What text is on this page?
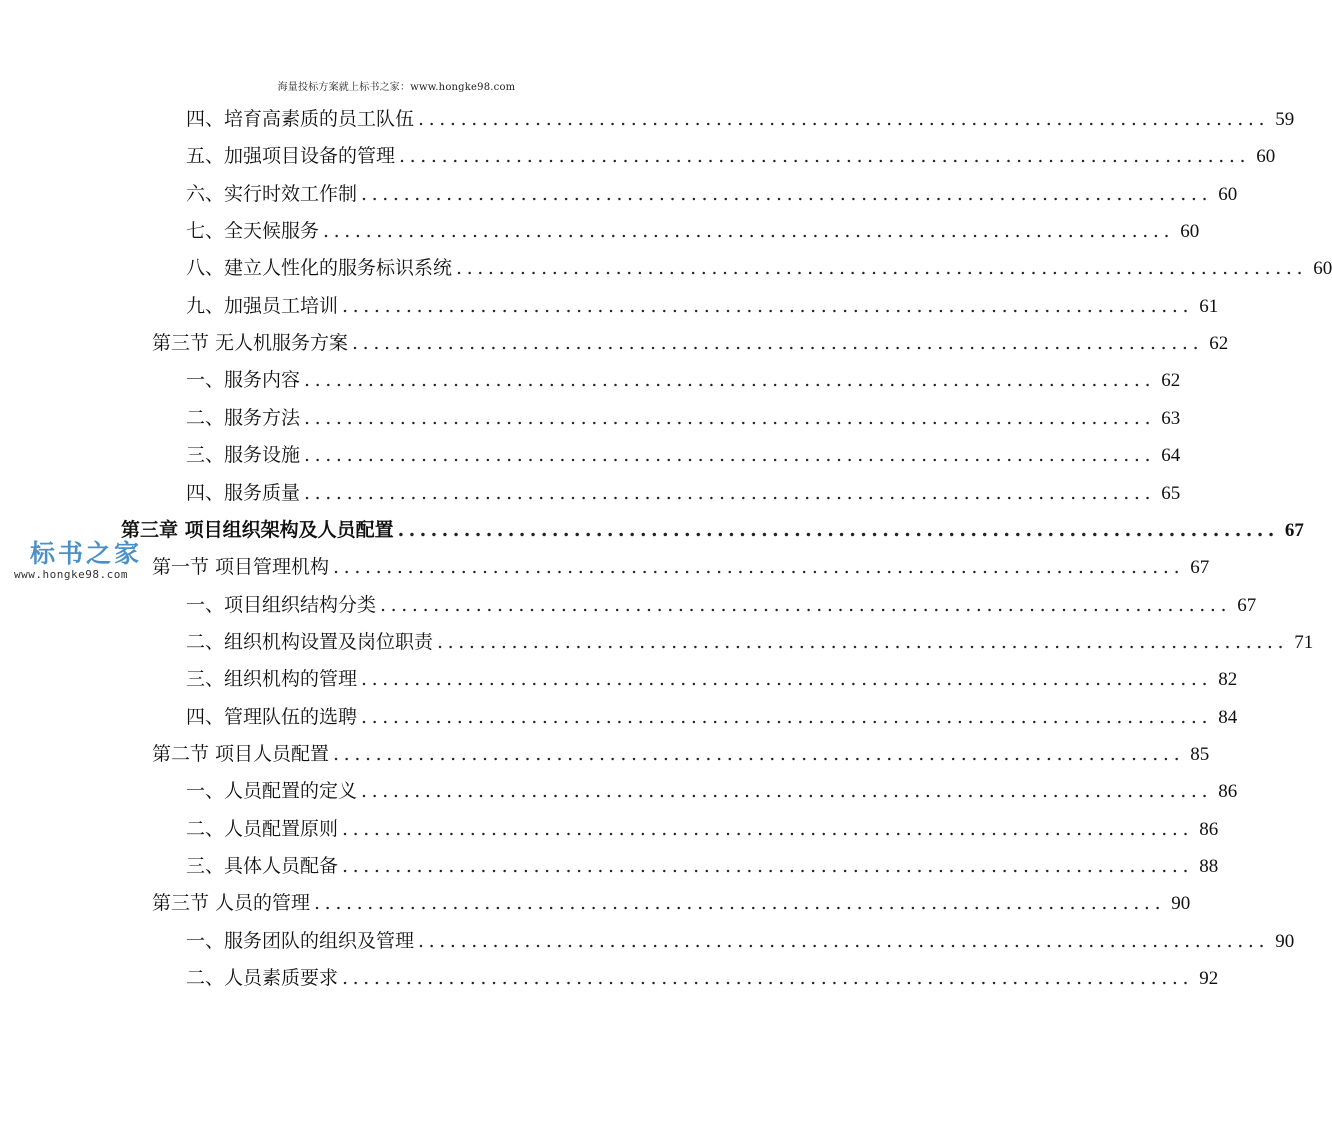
海量投标方案就上标书之家：www.hongke98.com
四、培育高素质的员工队伍 ................................................................................ 59
五、加强项目设备的管理 ................................................................................ 60
六、实行时效工作制 ................................................................................ 60
七、全天候服务 ................................................................................ 60
八、建立人性化的服务标识系统 ................................................................................ 60
九、加强员工培训 ................................................................................ 61
第三节 无人机服务方案 ................................................................................ 62
一、服务内容 ................................................................................ 62
二、服务方法 ................................................................................ 63
三、服务设施 ................................................................................ 64
四、服务质量 ................................................................................ 65
第三章 项目组织架构及人员配置 ................................................................................ 67
第一节 项目管理机构 ................................................................................ 67
一、项目组织结构分类 ................................................................................ 67
二、组织机构设置及岗位职责 ................................................................................ 71
三、组织机构的管理 ................................................................................ 82
四、管理队伍的选聘 ................................................................................ 84
第二节 项目人员配置 ................................................................................ 85
一、人员配置的定义 ................................................................................ 86
二、人员配置原则 ................................................................................ 86
三、具体人员配备 ................................................................................ 88
第三节 人员的管理 ................................................................................ 90
一、服务团队的组织及管理 ................................................................................ 90
二、人员素质要求 ................................................................................ 92
标书之家
www.hongke98.com
